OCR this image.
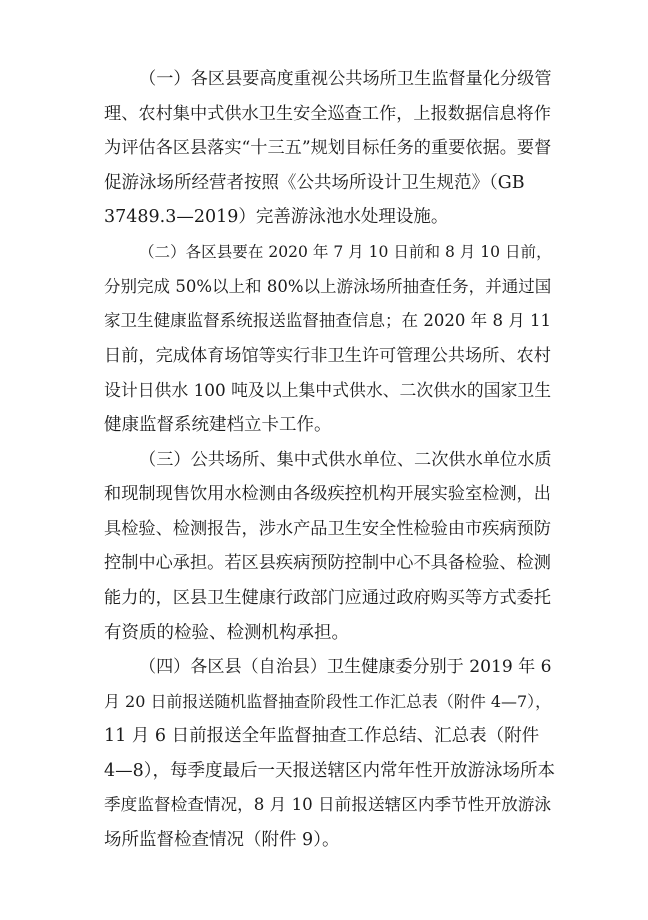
（一）各区县要高度重视公共场所卫生监督量化分级管
理、农村集中式供水卫生安全巡查工作，上报数据信息将作
为评估各区县落实“十三五”规划目标任务的重要依据。要督
促游泳场所经营者按照《公共场所设计卫生规范》（GB
37489.3—2019）完善游泳池水处理设施。
（二）各区县要在 2020 年 7 月 10 日前和 8 月 10 日前，
分别完成 50%以上和 80%以上游泳场所抽查任务，并通过国
家卫生健康监督系统报送监督抽查信息；在 2020 年 8 月 11
日前，完成体育场馆等实行非卫生许可管理公共场所、农村
设计日供水 100 吨及以上集中式供水、二次供水的国家卫生
健康监督系统建档立卡工作。
（三）公共场所、集中式供水单位、二次供水单位水质
和现制现售饮用水检测由各级疾控机构开展实验室检测，出
具检验、检测报告，涉水产品卫生安全性检验由市疾病预防
控制中心承担。若区县疾病预防控制中心不具备检验、检测
能力的，区县卫生健康行政部门应通过政府购买等方式委托
有资质的检验、检测机构承担。
（四）各区县（自治县）卫生健康委分别于 2019 年 6
月 20 日前报送随机监督抽查阶段性工作汇总表（附件 4—7），
11 月 6 日前报送全年监督抽查工作总结、汇总表（附件
4—8），每季度最后一天报送辖区内常年性开放游泳场所本
季度监督检查情况，8 月 10 日前报送辖区内季节性开放游泳
场所监督检查情况（附件 9）。
